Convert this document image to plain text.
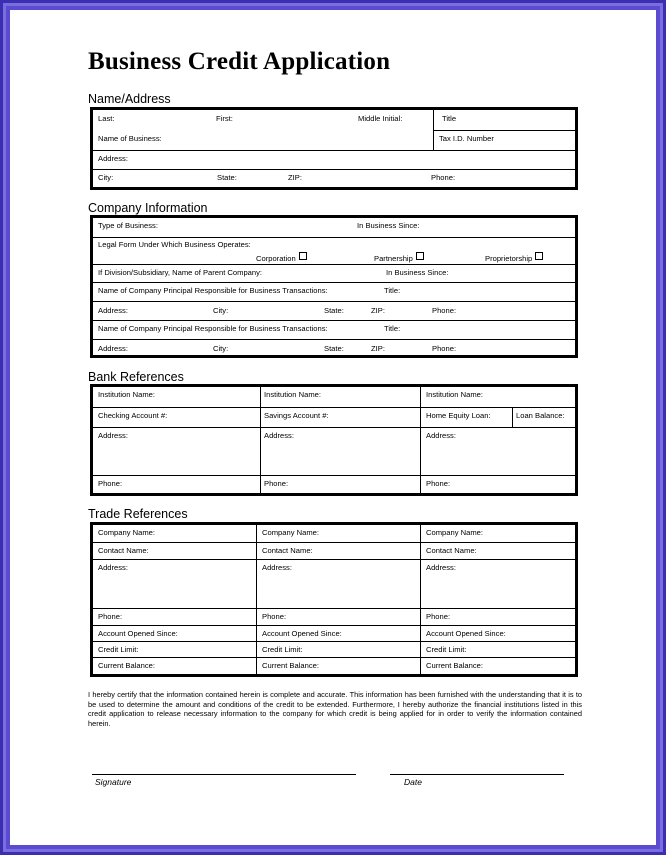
Business Credit Application
Name/Address
Last:	First:	Middle Initial:	Title
Name of Business:	Tax I.D. Number
Address:
City:	State:	ZIP:	Phone:
Company Information
Type of Business:	In Business Since:
Legal Form Under Which Business Operates:
Corporation	Partnership	Proprietorship
If Division/Subsidiary, Name of Parent Company:	In Business Since:
Name of Company Principal Responsible for Business Transactions:	Title:
Address:	City:	State:	ZIP:	Phone:
Name of Company Principal Responsible for Business Transactions:	Title:
Address:	City:	State:	ZIP:	Phone:
Bank References
Institution Name:	Institution Name:	Institution Name:
Checking Account #:	Savings Account #:	Home Equity Loan:	Loan Balance:
Address:	Address:	Address:
Phone:	Phone:	Phone:
Trade References
Company Name:	Company Name:	Company Name:
Contact Name:	Contact Name:	Contact Name:
Address:	Address:	Address:
Phone:	Phone:	Phone:
Account Opened Since:	Account Opened Since:	Account Opened Since:
Credit Limit:	Credit Limit:	Credit Limit:
Current Balance:	Current Balance:	Current Balance:
I hereby certify that the information contained herein is complete and accurate. This information has been furnished with the understanding that it is to be used to determine the amount and conditions of the credit to be extended. Furthermore, I hereby authorize the financial institutions listed in this credit application to release necessary information to the company for which credit is being applied for in order to verify the information contained herein.
Signature	Date
